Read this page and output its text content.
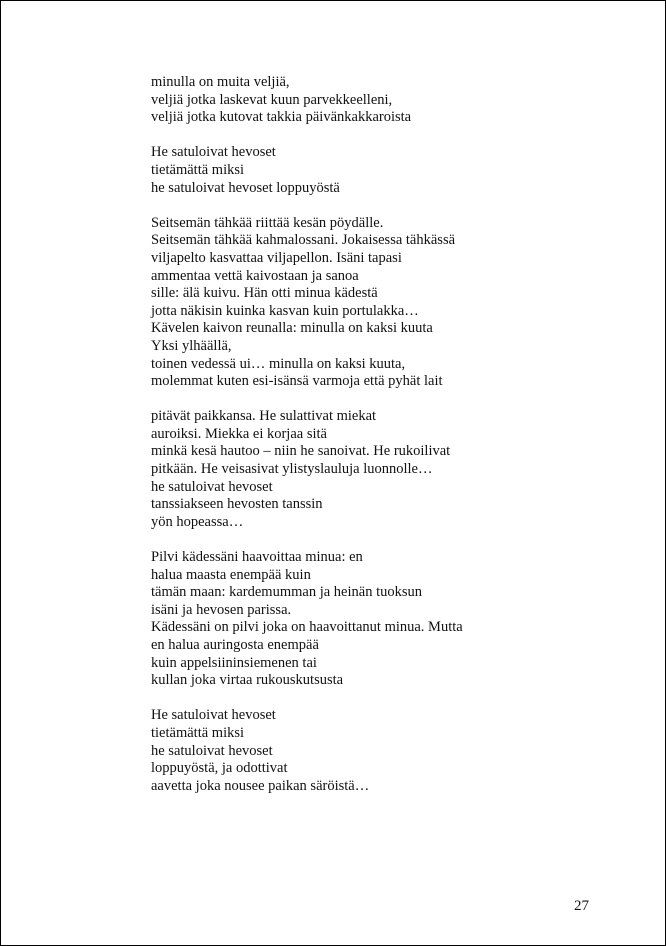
minulla on muita veljiä,
veljiä jotka laskevat kuun parvekkeelleni,
veljiä jotka kutovat takkia päivänkakkaroista
He satuloivat hevoset
tietämättä miksi
he satuloivat hevoset loppuyöstä
Seitsemän tähkää riittää kesän pöydälle.
Seitsemän tähkää kahmalossani. Jokaisessa tähkässä
viljapelto kasvattaa viljapellon. Isäni tapasi
ammentaa vettä kaivostaan ja sanoa
sille: älä kuivu. Hän otti minua kädestä
jotta näkisin kuinka kasvan kuin portulakka…
Kävelen kaivon reunalla: minulla on kaksi kuuta
Yksi ylhäällä,
toinen vedessä ui… minulla on kaksi kuuta,
molemmat kuten esi-isänsä varmoja että pyhät lait
pitävät paikkansa. He sulattivat miekat
auroiksi. Miekka ei korjaa sitä
minkä kesä hautoo – niin he sanoivat. He rukoilivat
pitkään. He veisasivat ylistyslauluja luonnolle…
he satuloivat hevoset
tanssiakseen hevosten tanssin
yön hopeassa…
Pilvi kädessäni haavoittaa minua: en
halua maasta enempää kuin
tämän maan: kardemumman ja heinän tuoksun
isäni ja hevosen parissa.
Kädessäni on pilvi joka on haavoittanut minua. Mutta
en halua auringosta enempää
kuin appelsiininsiemenen tai
kullan joka virtaa rukouskutsusta
He satuloivat hevoset
tietämättä miksi
he satuloivat hevoset
loppuyöstä, ja odottivat
aavetta joka nousee paikan säröistä…
27
